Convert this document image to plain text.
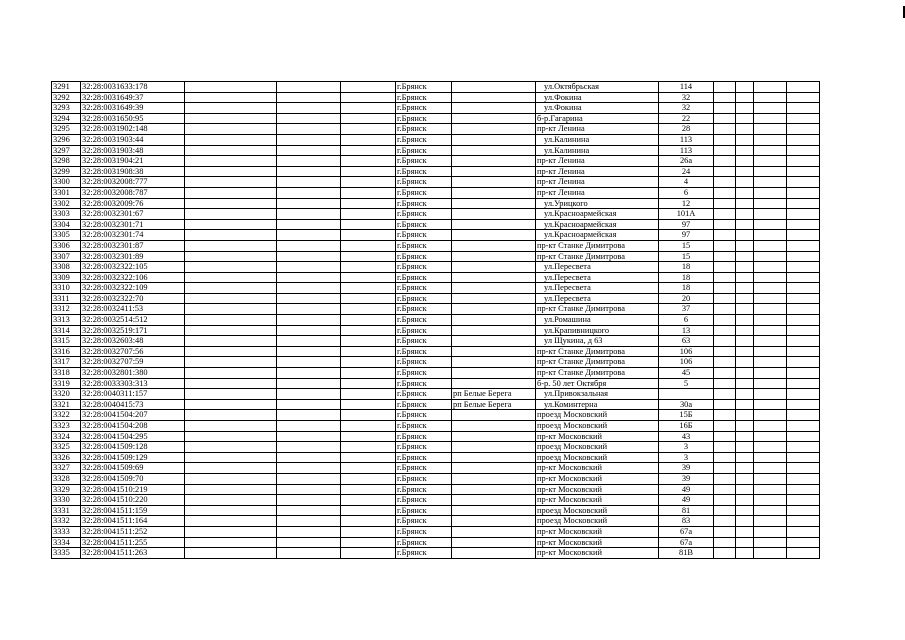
3291	32:28:0031633:178				г.Брянск		ул.Октябрьская	114				
3292	32:28:0031649:37				г.Брянск		ул.Фокина	32				
3293	32:28:0031649:39				г.Брянск		ул.Фокина	32				
3294	32:28:0031650:95				г.Брянск		б-р.Гагарина	22				
3295	32:28:0031902:148				г.Брянск		пр-кт Ленина	28				
3296	32:28:0031903:44				г.Брянск		ул.Калинина	113				
3297	32:28:0031903:48				г.Брянск		ул.Калинина	113				
3298	32:28:0031904:21				г.Брянск		пр-кт Ленина	26а				
3299	32:28:0031908:38				г.Брянск		пр-кт Ленина	24				
3300	32:28:0032008:777				г.Брянск		пр-кт Ленина	4				
3301	32:28:0032008:787				г.Брянск		пр-кт Ленина	6				
3302	32:28:0032009:76				г.Брянск		ул.Урицкого	12				
3303	32:28:0032301:67				г.Брянск		ул.Красноармейская	101А				
3304	32:28:0032301:71				г.Брянск		ул.Красноармейская	97				
3305	32:28:0032301:74				г.Брянск		ул.Красноармейская	97				
3306	32:28:0032301:87				г.Брянск		пр-кт Станке Димитрова	15				
3307	32:28:0032301:89				г.Брянск		пр-кт Станке Димитрова	15				
3308	32:28:0032322:105				г.Брянск		ул.Пересвета	18				
3309	32:28:0032322:106				г.Брянск		ул.Пересвета	18				
3310	32:28:0032322:109				г.Брянск		ул.Пересвета	18				
3311	32:28:0032322:70				г.Брянск		ул.Пересвета	20				
3312	32:28:0032411:53				г.Брянск		пр-кт Станке Димитрова	37				
3313	32:28:0032514:512				г.Брянск		ул.Ромашина	6				
3314	32:28:0032519:171				г.Брянск		ул.Крапивницкого	13				
3315	32:28:0032603:48				г.Брянск		ул Щукина, д 63	63				
3316	32:28:0032707:56				г.Брянск		пр-кт Станке Димитрова	106				
3317	32:28:0032707:59				г.Брянск		пр-кт Станке Димитрова	106				
3318	32:28:0032801:380				г.Брянск		пр-кт Станке Димитрова	45				
3319	32:28:0033303:313				г.Брянск		б-р. 50 лет Октября	5				
3320	32:28:0040311:157				г.Брянск	рп Белые Берега	ул.Привокзальная					
3321	32:28:0040415:73				г.Брянск	рп Белые Берега	ул.Коминтерна	30а				
3322	32:28:0041504:207				г.Брянск		проезд Московский	15Б				
3323	32:28:0041504:208				г.Брянск		проезд Московский	16Б				
3324	32:28:0041504:295				г.Брянск		пр-кт Московский	43				
3325	32:28:0041509:128				г.Брянск		проезд Московский	3				
3326	32:28:0041509:129				г.Брянск		проезд Московский	3				
3327	32:28:0041509:69				г.Брянск		пр-кт Московский	39				
3328	32:28:0041509:70				г.Брянск		пр-кт Московский	39				
3329	32:28:0041510:219				г.Брянск		пр-кт Московский	49				
3330	32:28:0041510:220				г.Брянск		пр-кт Московский	49				
3331	32:28:0041511:159				г.Брянск		проезд Московский	81				
3332	32:28:0041511:164				г.Брянск		проезд Московский	83				
3333	32:28:0041511:252				г.Брянск		пр-кт Московский	67а				
3334	32:28:0041511:255				г.Брянск		пр-кт Московский	67а				
3335	32:28:0041511:263				г.Брянск		пр-кт Московский	81В				
